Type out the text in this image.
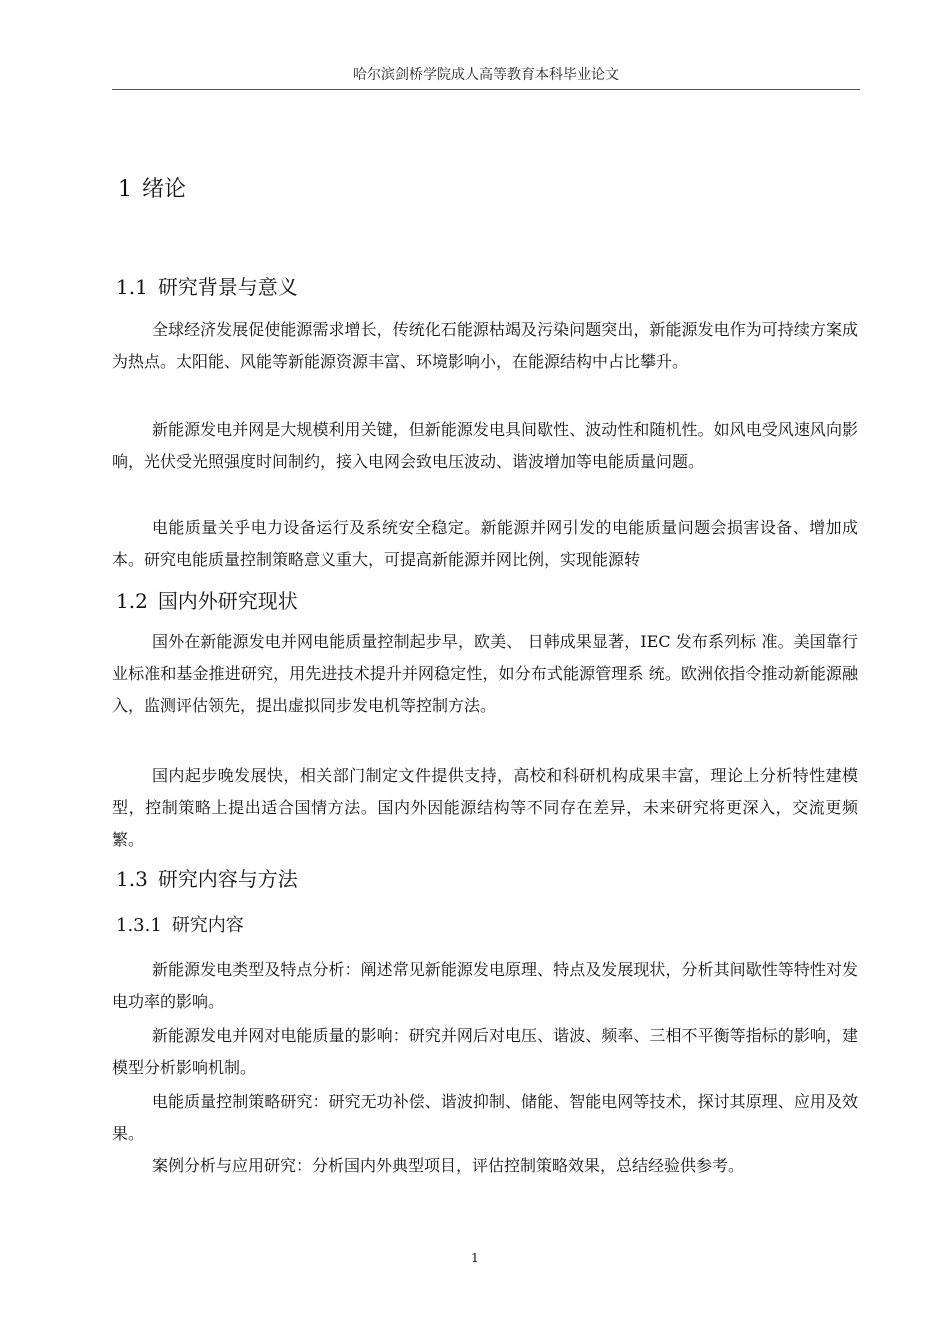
哈尔滨剑桥学院成人高等教育本科毕业论文
1 绪论
1.1 研究背景与意义

全球经济发展促使能源需求增长，传统化石能源枯竭及污染问题突出，新能源发电作为可持续方案成为热点。太阳能、风能等新能源资源丰富、环境影响小，在能源结构中占比攀升。

新能源发电并网是大规模利用关键，但新能源发电具间歇性、波动性和随机性。如风电受风速风向影响，光伏受光照强度时间制约，接入电网会致电压波动、谐波增加等电能质量问题。

电能质量关乎电力设备运行及系统安全稳定。新能源并网引发的电能质量问题会损害设备、增加成本。研究电能质量控制策略意义重大，可提高新能源并网比例，实现能源转

1.2 国内外研究现状

国外在新能源发电并网电能质量控制起步早，欧美、 日韩成果显著，IEC 发布系列标 准。美国靠行业标准和基金推进研究，用先进技术提升并网稳定性，如分布式能源管理系 统。欧洲依指令推动新能源融入，监测评估领先，提出虚拟同步发电机等控制方法。

国内起步晚发展快，相关部门制定文件提供支持，高校和科研机构成果丰富，理论上分析特性建模型，控制策略上提出适合国情方法。国内外因能源结构等不同存在差异，未来研究将更深入，交流更频繁。

1.3 研究内容与方法
1.3.1 研究内容

新能源发电类型及特点分析：阐述常见新能源发电原理、特点及发展现状，分析其间歇性等特性对发电功率的影响。

新能源发电并网对电能质量的影响：研究并网后对电压、谐波、频率、三相不平衡等指标的影响，建模型分析影响机制。

电能质量控制策略研究：研究无功补偿、谐波抑制、储能、智能电网等技术，探讨其原理、应用及效果。

案例分析与应用研究：分析国内外典型项目，评估控制策略效果，总结经验供参考。

1
